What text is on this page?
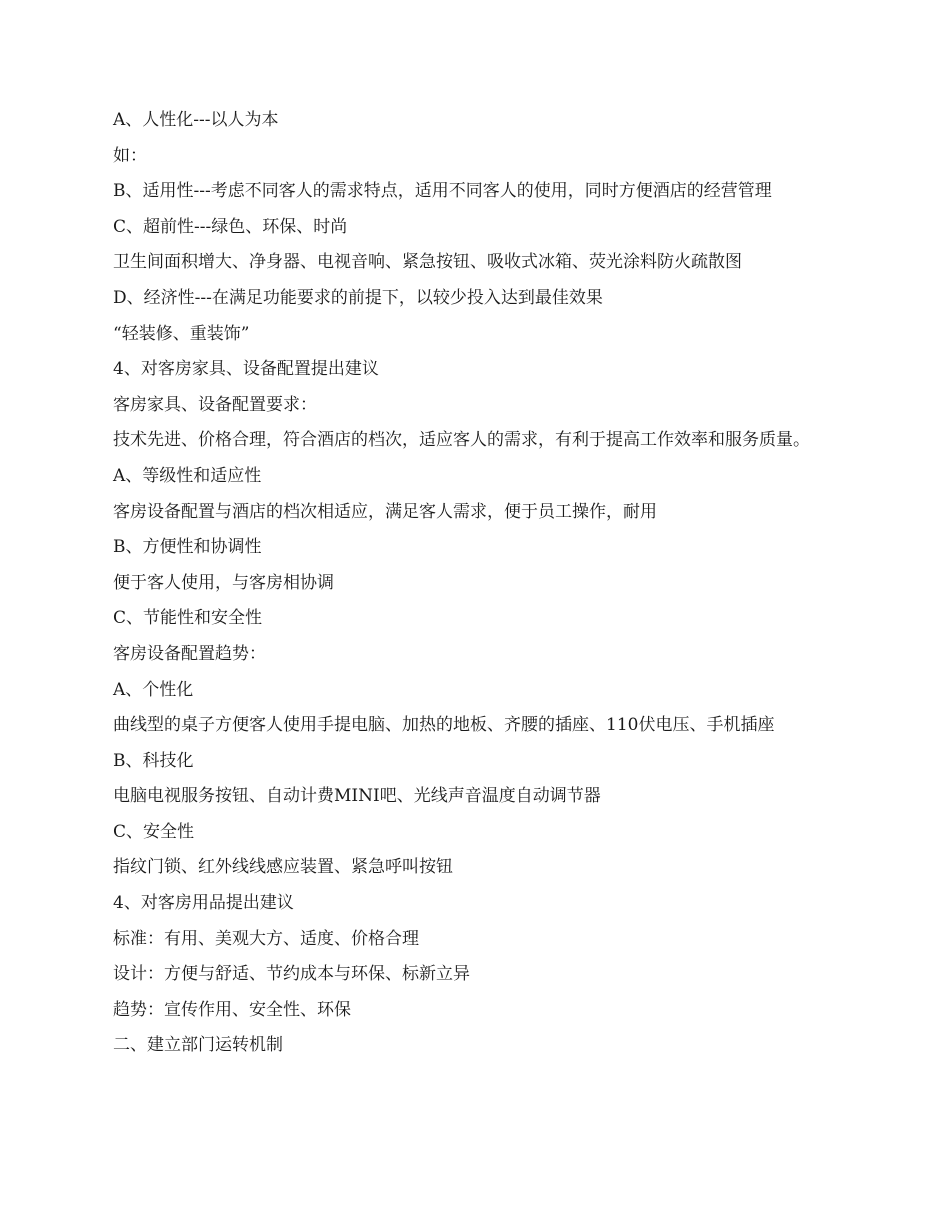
A、人性化---以人为本

如：

B、适用性---考虑不同客人的需求特点，适用不同客人的使用，同时方便酒店的经营管理

C、超前性---绿色、环保、时尚

卫生间面积增大、净身器、电视音响、紧急按钮、吸收式冰箱、荧光涂料防火疏散图

D、经济性---在满足功能要求的前提下，以较少投入达到最佳效果

“轻装修、重装饰”

4、对客房家具、设备配置提出建议

客房家具、设备配置要求：

技术先进、价格合理，符合酒店的档次，适应客人的需求，有利于提高工作效率和服务质量。

A、等级性和适应性

客房设备配置与酒店的档次相适应，满足客人需求，便于员工操作，耐用

B、方便性和协调性

便于客人使用，与客房相协调

C、节能性和安全性

客房设备配置趋势：

A、个性化

曲线型的桌子方便客人使用手提电脑、加热的地板、齐腰的插座、110伏电压、手机插座

B、科技化

电脑电视服务按钮、自动计费MINI吧、光线声音温度自动调节器

C、安全性

指纹门锁、红外线线感应装置、紧急呼叫按钮

4、对客房用品提出建议

标准：有用、美观大方、适度、价格合理

设计：方便与舒适、节约成本与环保、标新立异

趋势：宣传作用、安全性、环保

二、建立部门运转机制
